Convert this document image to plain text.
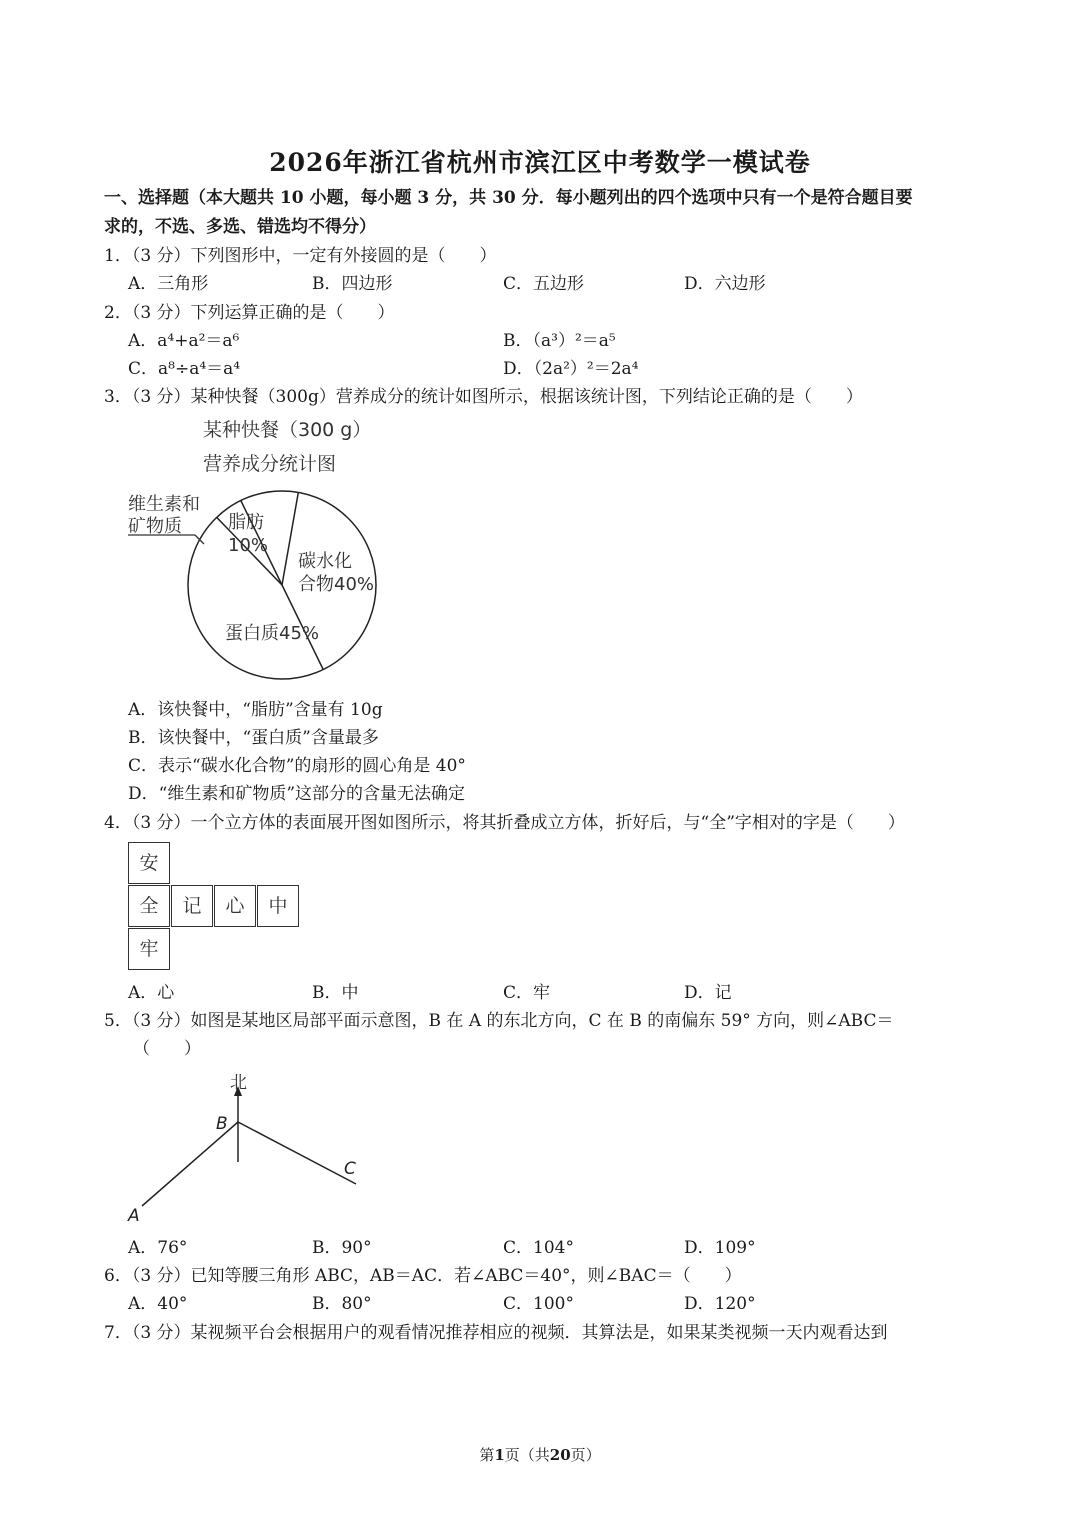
2026年浙江省杭州市滨江区中考数学一模试卷
一、选择题（本大题共 10 小题，每小题 3 分，共 30 分．每小题列出的四个选项中只有一个是符合题目要
求的，不选、多选、错选均不得分）
1．（3 分）下列图形中，一定有外接圆的是（　　）
A．三角形	B．四边形	C．五边形	D．六边形
2．（3 分）下列运算正确的是（　　）
A．a⁴+a²＝a⁶	B．（a³）²＝a⁵
C．a⁸÷a⁴＝a⁴	D．（2a²）²＝2a⁴
3．（3 分）某种快餐（300g）营养成分的统计如图所示，根据该统计图，下列结论正确的是（　　）
某种快餐（300 g）
营养成分统计图
维生素和
矿物质	脂肪
10%
碳水化
合物40%
蛋白质45%
A．该快餐中，“脂肪”含量有 10g
B．该快餐中，“蛋白质”含量最多
C．表示“碳水化合物”的扇形的圆心角是 40°
D．“维生素和矿物质”这部分的含量无法确定
4．（3 分）一个立方体的表面展开图如图所示，将其折叠成立方体，折好后，与“全”字相对的字是（　　）
安
全	记	心	中
牢
A．心	B．中	C．牢	D．记
5．（3 分）如图是某地区局部平面示意图，B 在 A 的东北方向，C 在 B 的南偏东 59° 方向，则∠ABC＝
（　　）
北
A
B
C
A．76°	B．90°	C．104°	D．109°
6．（3 分）已知等腰三角形 ABC，AB＝AC．若∠ABC＝40°，则∠BAC＝（　　）
A．40°	B．80°	C．100°	D．120°
7．（3 分）某视频平台会根据用户的观看情况推荐相应的视频．其算法是，如果某类视频一天内观看达到
第1页（共20页）
